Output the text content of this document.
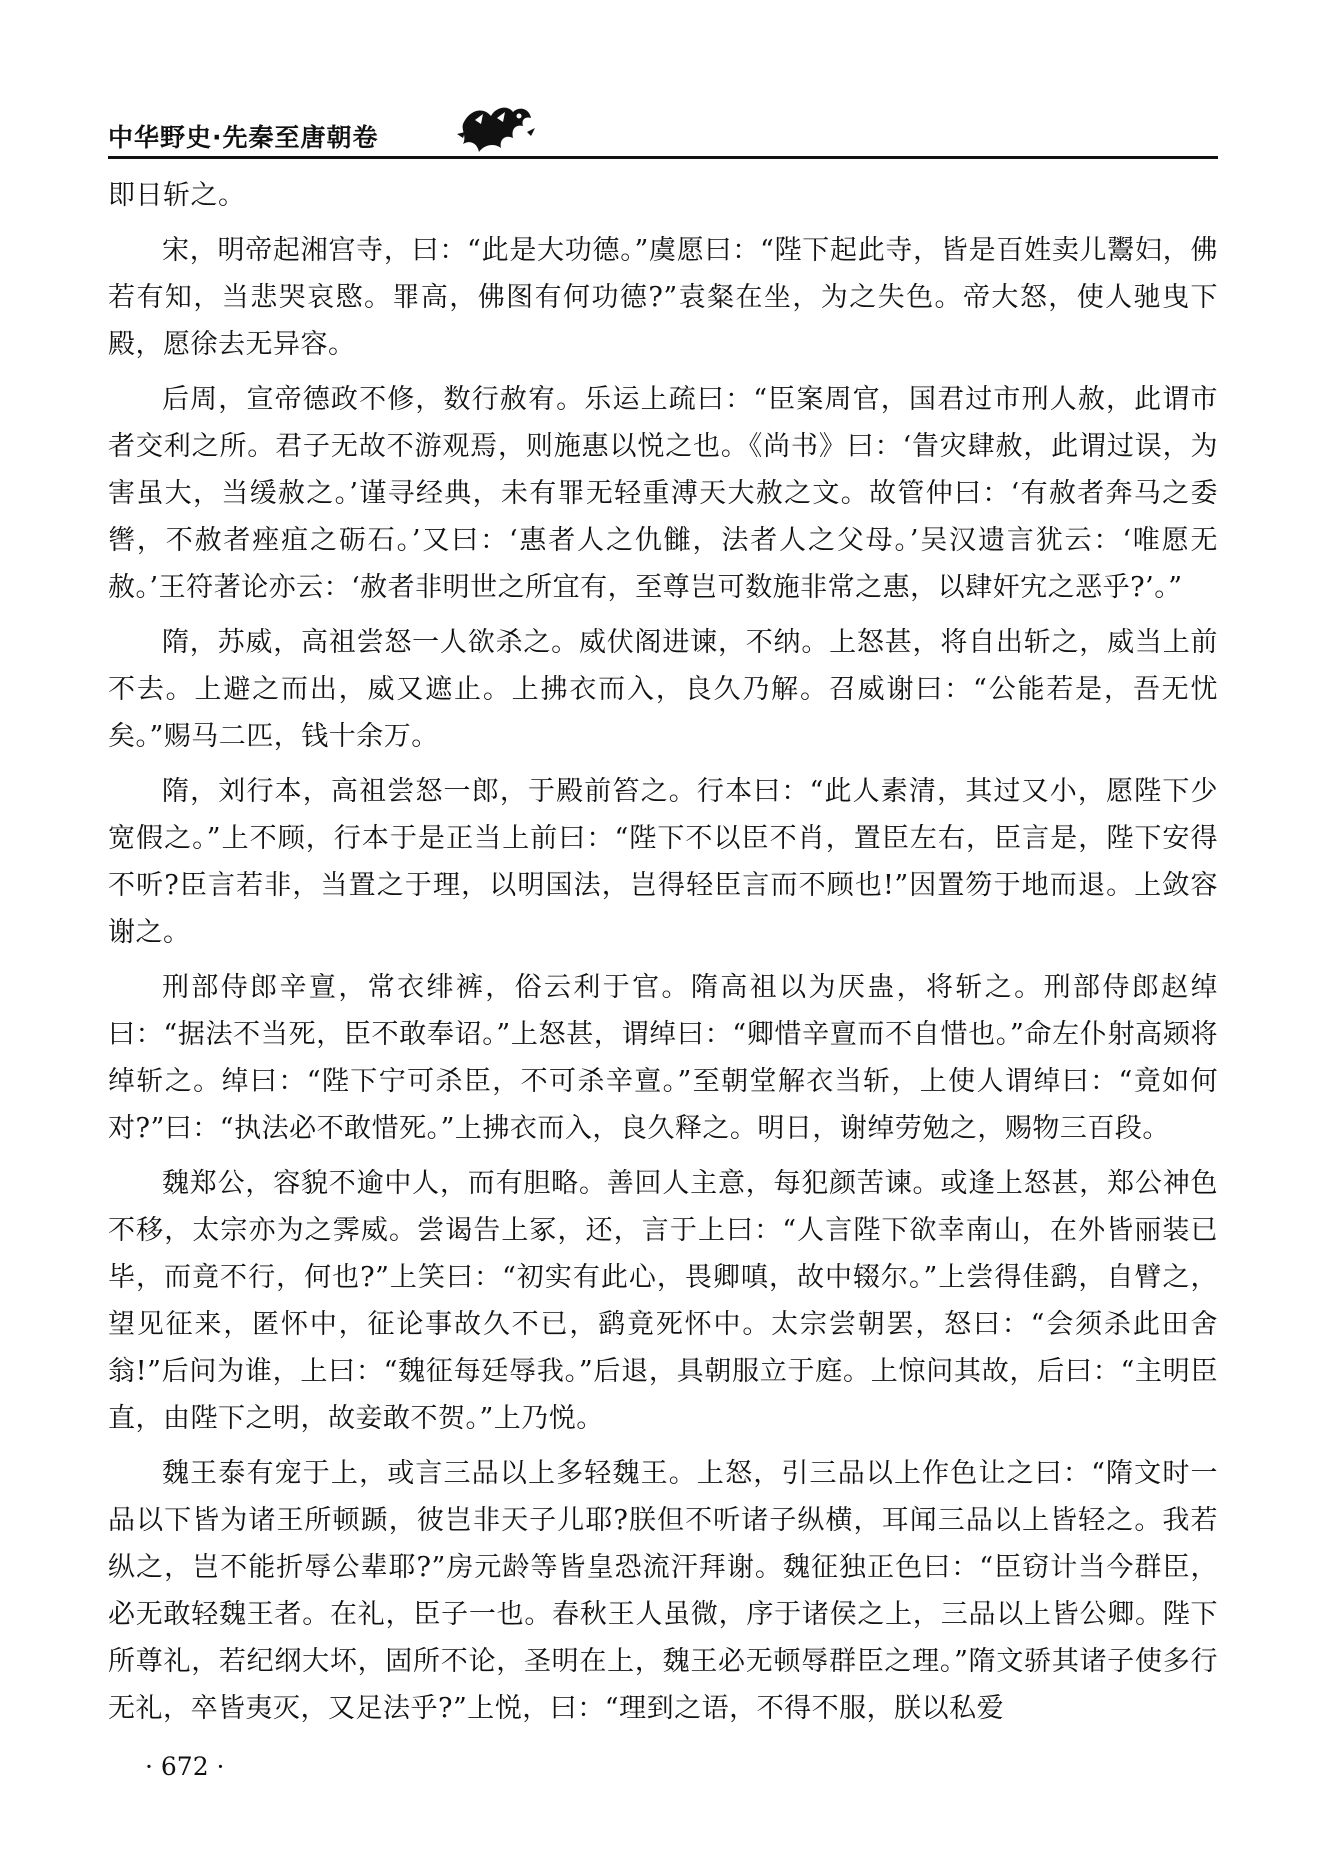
中华野史·先秦至唐朝卷

即日斩之。

宋，明帝起湘宫寺，曰：“此是大功德。”虞愿曰：“陛下起此寺，皆是百姓卖儿鬻妇，佛若有知，当悲哭哀愍。罪高，佛图有何功德?”袁粲在坐，为之失色。帝大怒，使人驰曳下殿，愿徐去无异容。

后周，宣帝德政不修，数行赦宥。乐运上疏曰：“臣案周官，国君过市刑人赦，此谓市者交利之所。君子无故不游观焉，则施惠以悦之也。《尚书》曰：‘眚灾肆赦，此谓过误，为害虽大，当缓赦之。’谨寻经典，未有罪无轻重溥天大赦之文。故管仲曰：‘有赦者奔马之委辔，不赦者痤疽之砺石。’又曰：‘惠者人之仇雠，法者人之父母。’吴汉遗言犹云：‘唯愿无赦。’王符著论亦云：‘赦者非明世之所宜有，至尊岂可数施非常之惠，以肆奸宄之恶乎?’。”

隋，苏威，高祖尝怒一人欲杀之。威伏阁进谏，不纳。上怒甚，将自出斩之，威当上前不去。上避之而出，威又遮止。上拂衣而入，良久乃解。召威谢曰：“公能若是，吾无忧矣。”赐马二匹，钱十余万。

隋，刘行本，高祖尝怒一郎，于殿前笞之。行本曰：“此人素清，其过又小，愿陛下少宽假之。”上不顾，行本于是正当上前曰：“陛下不以臣不肖，置臣左右，臣言是，陛下安得不听?臣言若非，当置之于理，以明国法，岂得轻臣言而不顾也!”因置笏于地而退。上敛容谢之。

刑部侍郎辛亶，常衣绯裤，俗云利于官。隋高祖以为厌蛊，将斩之。刑部侍郎赵绰曰：“据法不当死，臣不敢奉诏。”上怒甚，谓绰曰：“卿惜辛亶而不自惜也。”命左仆射高颎将绰斩之。绰曰：“陛下宁可杀臣，不可杀辛亶。”至朝堂解衣当斩，上使人谓绰曰：“竟如何对?”曰：“执法必不敢惜死。”上拂衣而入，良久释之。明日，谢绰劳勉之，赐物三百段。

魏郑公，容貌不逾中人，而有胆略。善回人主意，每犯颜苦谏。或逢上怒甚，郑公神色不移，太宗亦为之霁威。尝谒告上冢，还，言于上曰：“人言陛下欲幸南山，在外皆丽装已毕，而竟不行，何也?”上笑曰：“初实有此心，畏卿嗔，故中辍尔。”上尝得佳鹞，自臂之，望见征来，匿怀中，征论事故久不已，鹞竟死怀中。太宗尝朝罢，怒曰：“会须杀此田舍翁!”后问为谁，上曰：“魏征每廷辱我。”后退，具朝服立于庭。上惊问其故，后曰：“主明臣直，由陛下之明，故妾敢不贺。”上乃悦。

魏王泰有宠于上，或言三品以上多轻魏王。上怒，引三品以上作色让之曰：“隋文时一品以下皆为诸王所顿踬，彼岂非天子儿耶?朕但不听诸子纵横，耳闻三品以上皆轻之。我若纵之，岂不能折辱公辈耶?”房元龄等皆皇恐流汗拜谢。魏征独正色曰：“臣窃计当今群臣，必无敢轻魏王者。在礼，臣子一也。春秋王人虽微，序于诸侯之上，三品以上皆公卿。陛下所尊礼，若纪纲大坏，固所不论，圣明在上，魏王必无顿辱群臣之理。”隋文骄其诸子使多行无礼，卒皆夷灭，又足法乎?”上悦，曰：“理到之语，不得不服，朕以私爱

· 672 ·
